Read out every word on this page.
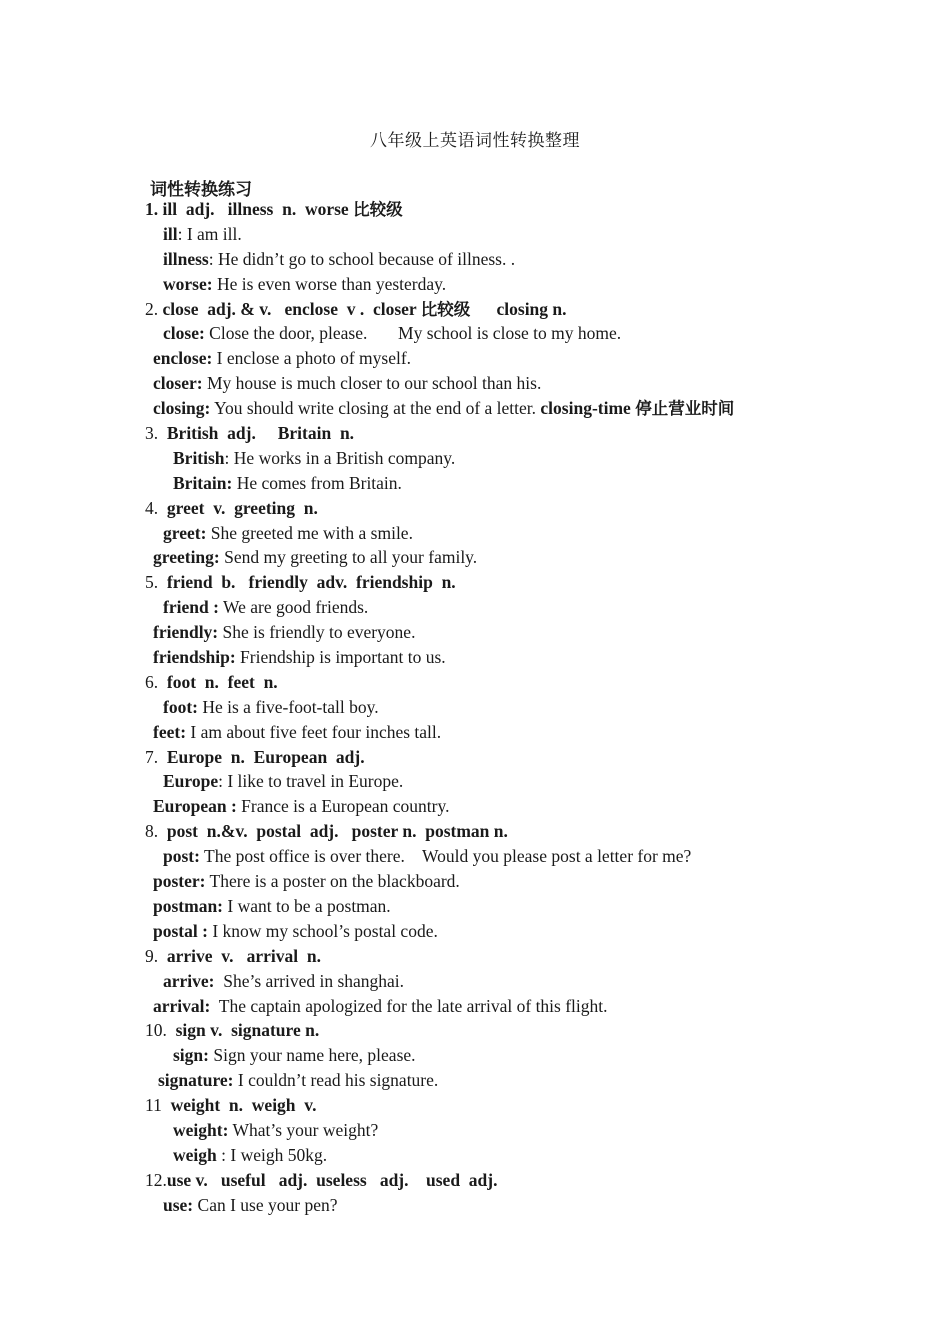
八年级上英语词性转换整理
词性转换练习
1. ill  adj.   illness  n.  worse 比较级
ill: I am ill.
illness: He didn’t go to school because of illness. .
worse: He is even worse than yesterday.
2. close  adj. & v.   enclose  v .  closer 比较级      closing n.
close: Close the door, please.       My school is close to my home.
enclose: I enclose a photo of myself.
closer: My house is much closer to our school than his.
closing: You should write closing at the end of a letter. closing-time 停止营业时间
3.  British  adj.     Britain  n.
British: He works in a British company.
Britain: He comes from Britain.
4.  greet  v.  greeting  n.
greet: She greeted me with a smile.
greeting: Send my greeting to all your family.
5.  friend  b.   friendly  adv.  friendship  n.
friend : We are good friends.
friendly: She is friendly to everyone.
friendship: Friendship is important to us.
6.  foot  n.  feet  n.
foot: He is a five-foot-tall boy.
feet: I am about five feet four inches tall.
7.  Europe  n.  European  adj.
Europe: I like to travel in Europe.
European : France is a European country.
8.  post  n.&v.  postal  adj.   poster n.  postman n.
post: The post office is over there.    Would you please post a letter for me?
poster: There is a poster on the blackboard.
postman: I want to be a postman.
postal : I know my school’s postal code.
9.  arrive  v.   arrival  n.
arrive:  She’s arrived in shanghai.
arrival:  The captain apologized for the late arrival of this flight.
10.  sign v.  signature n.
sign: Sign your name here, please.
signature: I couldn’t read his signature.
11  weight  n.  weigh  v.
weight: What’s your weight?
weigh : I weigh 50kg.
12.use v.   useful   adj.  useless   adj.    used  adj.
use: Can I use your pen?
